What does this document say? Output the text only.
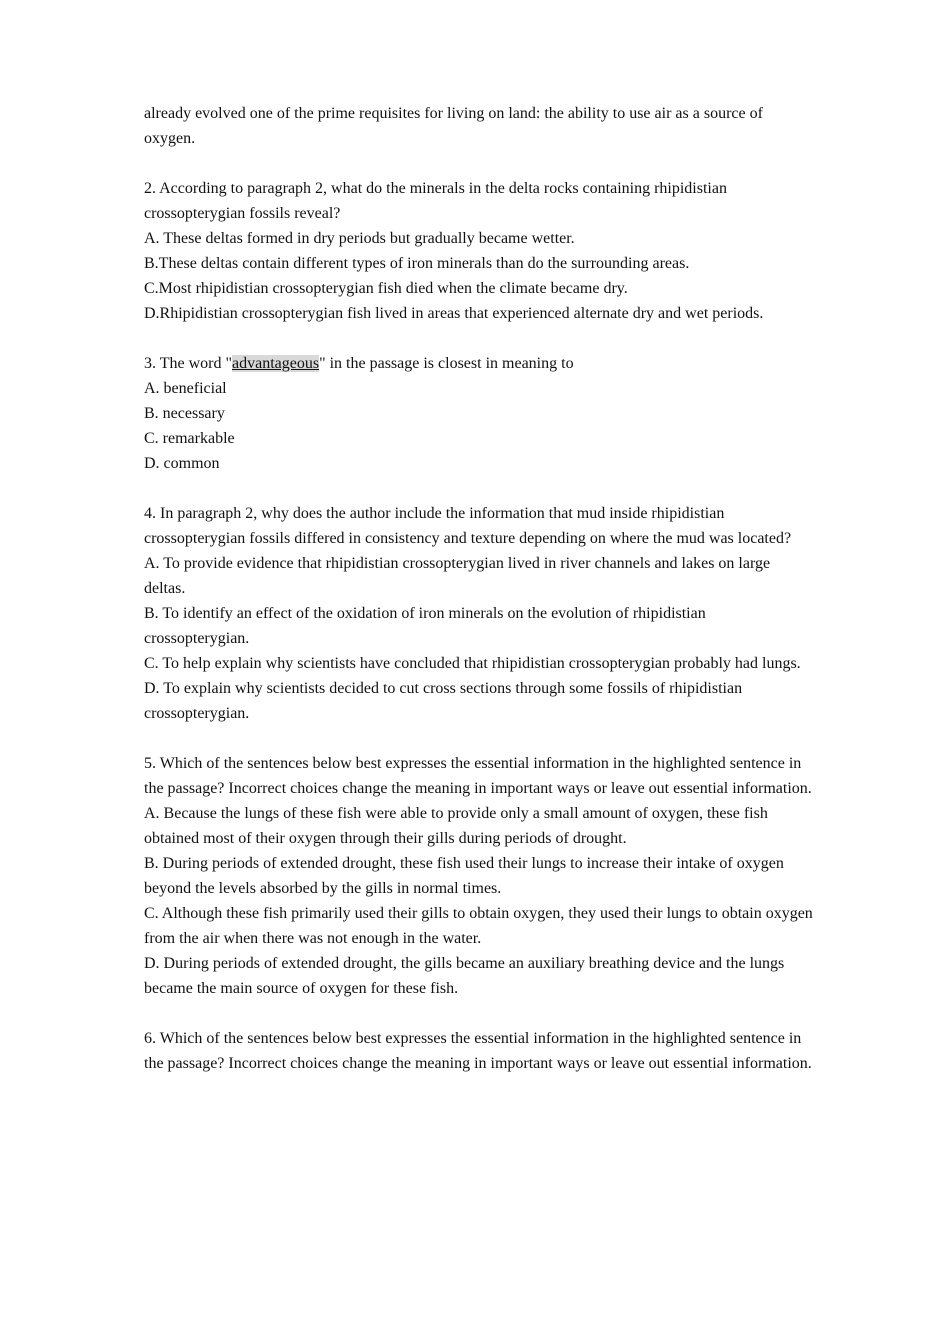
already evolved one of the prime requisites for living on land: the ability to use air as a source of oxygen.

2. According to paragraph 2, what do the minerals in the delta rocks containing rhipidistian crossopterygian fossils reveal?

A. These deltas formed in dry periods but gradually became wetter.

B.These deltas contain different types of iron minerals than do the surrounding areas.

C.Most rhipidistian crossopterygian fish died when the climate became dry.

D.Rhipidistian crossopterygian fish lived in areas that experienced alternate dry and wet periods.

3. The word "advantageous" in the passage is closest in meaning to

A. beneficial

B. necessary

C. remarkable

D. common

4. In paragraph 2, why does the author include the information that mud inside rhipidistian crossopterygian fossils differed in consistency and texture depending on where the mud was located?

A. To provide evidence that rhipidistian crossopterygian lived in river channels and lakes on large deltas.

B. To identify an effect of the oxidation of iron minerals on the evolution of rhipidistian crossopterygian.

C. To help explain why scientists have concluded that rhipidistian crossopterygian probably had lungs.

D. To explain why scientists decided to cut cross sections through some fossils of rhipidistian crossopterygian.

5. Which of the sentences below best expresses the essential information in the highlighted sentence in the passage? Incorrect choices change the meaning in important ways or leave out essential information.

A. Because the lungs of these fish were able to provide only a small amount of oxygen, these fish obtained most of their oxygen through their gills during periods of drought.

B. During periods of extended drought, these fish used their lungs to increase their intake of oxygen beyond the levels absorbed by the gills in normal times.

C. Although these fish primarily used their gills to obtain oxygen, they used their lungs to obtain oxygen from the air when there was not enough in the water.

D. During periods of extended drought, the gills became an auxiliary breathing device and the lungs became the main source of oxygen for these fish.

6. Which of the sentences below best expresses the essential information in the highlighted sentence in the passage? Incorrect choices change the meaning in important ways or leave out essential information.
